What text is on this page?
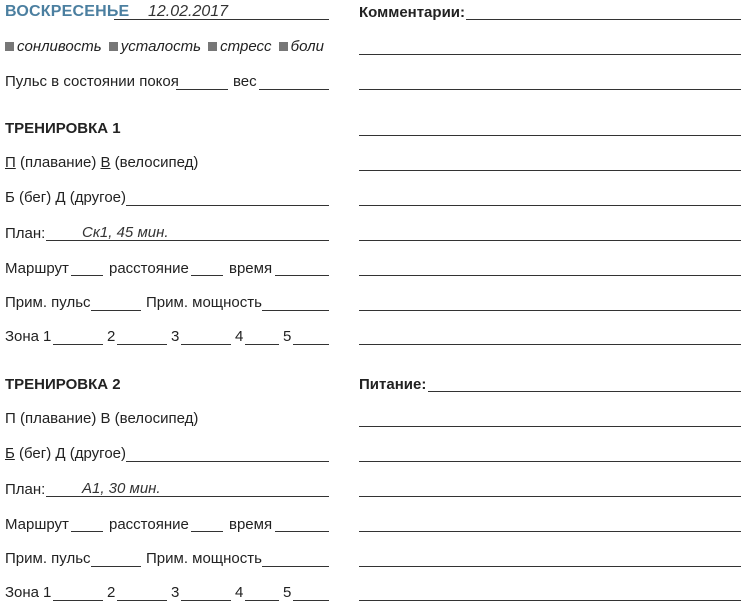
ВОСКРЕСЕНЬЕ 12.02.2017	Комментарии:
сонливость усталость стресс боли
Пульс в состоянии покоя	вес
ТРЕНИРОВКА 1
П (плавание) В (велосипед)
Б (бег) Д (другое)
План: Ск1, 45 мин.
Маршрут	расстояние	время
Прим. пульс	Прим. мощность
Зона 1	2	3	4	5
ТРЕНИРОВКА 2
П (плавание) В (велосипед)
Б (бег) Д (другое)
План: А1, 30 мин.
Маршрут	расстояние	время
Прим. пульс	Прим. мощность
Зона 1	2	3	4	5
Питание:
